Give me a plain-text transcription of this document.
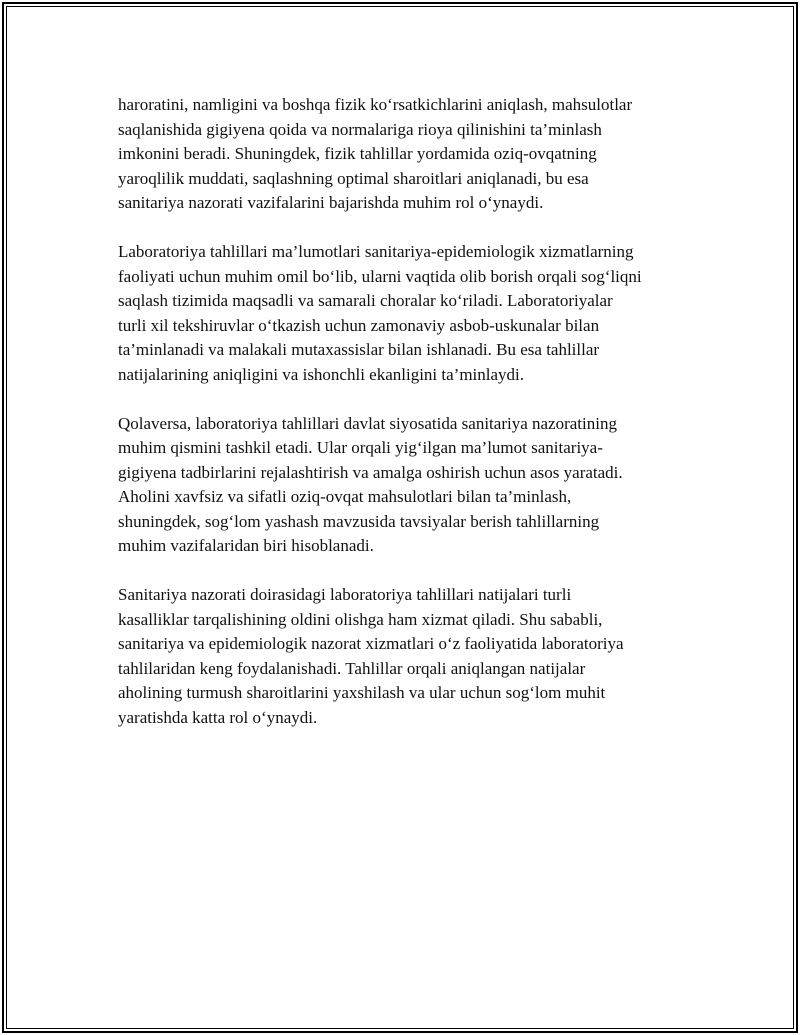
haroratini, namligini va boshqa fizik ko‘rsatkichlarini aniqlash, mahsulotlar
saqlanishida gigiyena qoida va normalariga rioya qilinishini ta’minlash
imkonini beradi. Shuningdek, fizik tahlillar yordamida oziq-ovqatning
yaroqlilik muddati, saqlashning optimal sharoitlari aniqlanadi, bu esa
sanitariya nazorati vazifalarini bajarishda muhim rol o‘ynaydi.

Laboratoriya tahlillari ma’lumotlari sanitariya-epidemiologik xizmatlarning
faoliyati uchun muhim omil bo‘lib, ularni vaqtida olib borish orqali sog‘liqni
saqlash tizimida maqsadli va samarali choralar ko‘riladi. Laboratoriyalar
turli xil tekshiruvlar o‘tkazish uchun zamonaviy asbob-uskunalar bilan
ta’minlanadi va malakali mutaxassislar bilan ishlanadi. Bu esa tahlillar
natijalarining aniqligini va ishonchli ekanligini ta’minlaydi.

Qolaversa, laboratoriya tahlillari davlat siyosatida sanitariya nazoratining
muhim qismini tashkil etadi. Ular orqali yig‘ilgan ma’lumot sanitariya-
gigiyena tadbirlarini rejalashtirish va amalga oshirish uchun asos yaratadi.
Aholini xavfsiz va sifatli oziq-ovqat mahsulotlari bilan ta’minlash,
shuningdek, sog‘lom yashash mavzusida tavsiyalar berish tahlillarning
muhim vazifalaridan biri hisoblanadi.

Sanitariya nazorati doirasidagi laboratoriya tahlillari natijalari turli
kasalliklar tarqalishining oldini olishga ham xizmat qiladi. Shu sababli,
sanitariya va epidemiologik nazorat xizmatlari o‘z faoliyatida laboratoriya
tahlilaridan keng foydalanishadi. Tahlillar orqali aniqlangan natijalar
aholining turmush sharoitlarini yaxshilash va ular uchun sog‘lom muhit
yaratishda katta rol o‘ynaydi.
